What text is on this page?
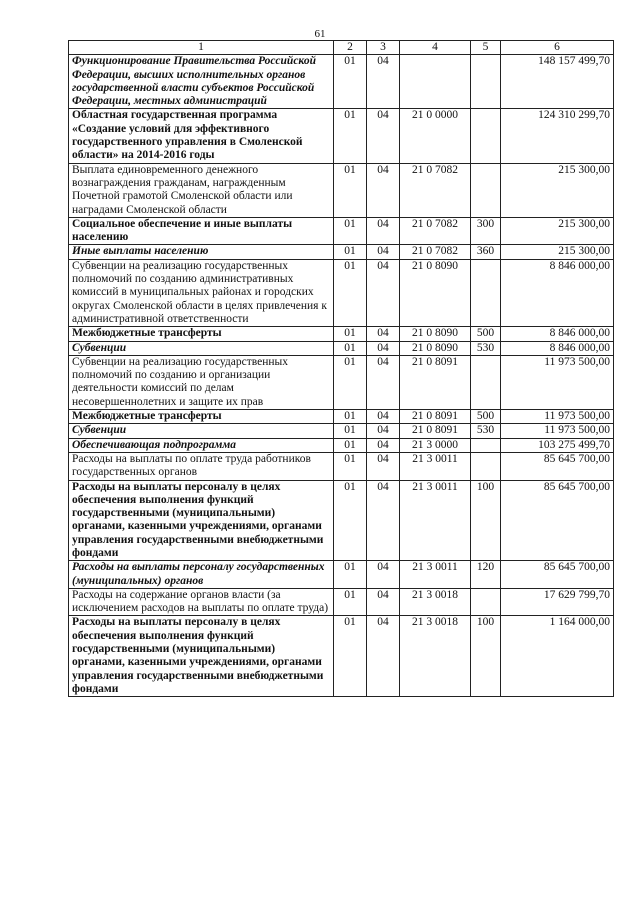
61
1	2	3	4	5	6
Функционирование Правительства Российской Федерации, высших исполнительных органов государственной власти субъектов Российской Федерации, местных администраций	01	04			148 157 499,70
Областная государственная программа «Создание условий для эффективного государственного управления в Смоленской области» на 2014-2016 годы	01	04	21 0 0000		124 310 299,70
Выплата единовременного денежного вознаграждения гражданам, награжденным Почетной грамотой Смоленской области или наградами Смоленской области	01	04	21 0 7082		215 300,00
Социальное обеспечение и иные выплаты населению	01	04	21 0 7082	300	215 300,00
Иные выплаты населению	01	04	21 0 7082	360	215 300,00
Субвенции на реализацию государственных полномочий по созданию административных комиссий в муниципальных районах и городских округах Смоленской области в целях привлечения к административной ответственности	01	04	21 0 8090		8 846 000,00
Межбюджетные трансферты	01	04	21 0 8090	500	8 846 000,00
Субвенции	01	04	21 0 8090	530	8 846 000,00
Субвенции на реализацию государственных полномочий по созданию и организации деятельности комиссий по делам несовершеннолетних и защите их прав	01	04	21 0 8091		11 973 500,00
Межбюджетные трансферты	01	04	21 0 8091	500	11 973 500,00
Субвенции	01	04	21 0 8091	530	11 973 500,00
Обеспечивающая подпрограмма	01	04	21 3 0000		103 275 499,70
Расходы на выплаты по оплате труда работников государственных органов	01	04	21 3 0011		85 645 700,00
Расходы на выплаты персоналу в целях обеспечения выполнения функций государственными (муниципальными) органами, казенными учреждениями, органами управления государственными внебюджетными фондами	01	04	21 3 0011	100	85 645 700,00
Расходы на выплаты персоналу государственных (муниципальных) органов	01	04	21 3 0011	120	85 645 700,00
Расходы на содержание органов власти (за исключением расходов на выплаты по оплате труда)	01	04	21 3 0018		17 629 799,70
Расходы на выплаты персоналу в целях обеспечения выполнения функций государственными (муниципальными) органами, казенными учреждениями, органами управления государственными внебюджетными фондами	01	04	21 3 0018	100	1 164 000,00
